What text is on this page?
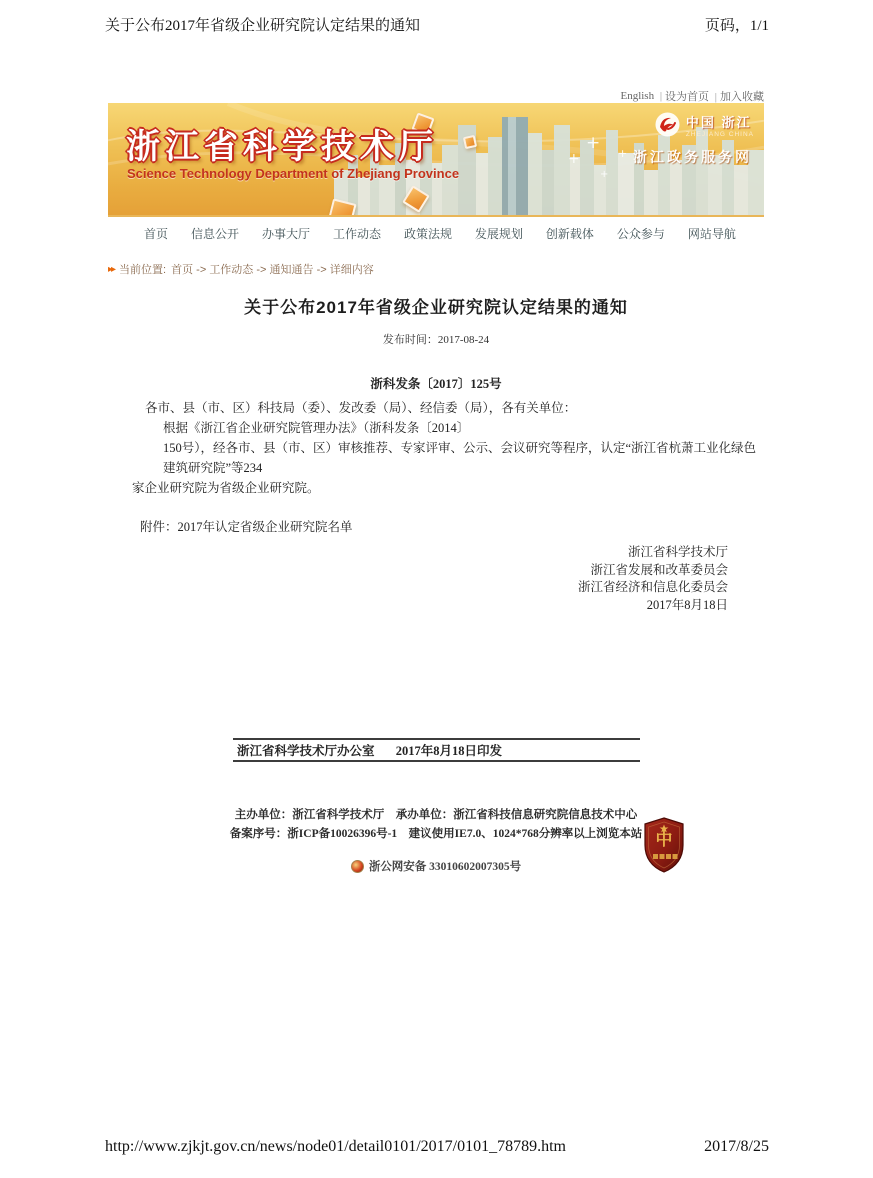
关于公布2017年省级企业研究院认定结果的通知	页码，1/1
English | 设为首页 | 加入收藏
浙江省科学技术厅
Science Technology Department of Zhejiang Province
中国 浙江
ZHEJIANG CHINA
浙江政务服务网
+
+
+
+
首页 信息公开 办事大厅 工作动态 政策法规 发展规划 创新载体 公众参与 网站导航
▸▸ 当前位置: 首页 -> 工作动态 -> 通知通告 -> 详细内容
关于公布2017年省级企业研究院认定结果的通知
发布时间：2017-08-24
浙科发条〔2017〕125号
各市、县（市、区）科技局（委）、发改委（局）、经信委（局），各有关单位：
根据《浙江省企业研究院管理办法》（浙科发条〔2014〕
150号），经各市、县（市、区）审核推荐、专家评审、公示、会议研究等程序，认定“浙江省杭萧工业化绿色建筑研究院”等234
家企业研究院为省级企业研究院。
附件：2017年认定省级企业研究院名单
浙江省科学技术厅
浙江省发展和改革委员会
浙江省经济和信息化委员会
2017年8月18日
浙江省科学技术厅办公室	2017年8月18日印发
主办单位：浙江省科学技术厅　承办单位：浙江省科技信息研究院信息技术中心
备案序号：浙ICP备10026396号-1　建议使用IE7.0、1024*768分辨率以上浏览本站
浙公网安备 33010602007305号
中
http://www.zjkjt.gov.cn/news/node01/detail0101/2017/0101_78789.htm	2017/8/25
